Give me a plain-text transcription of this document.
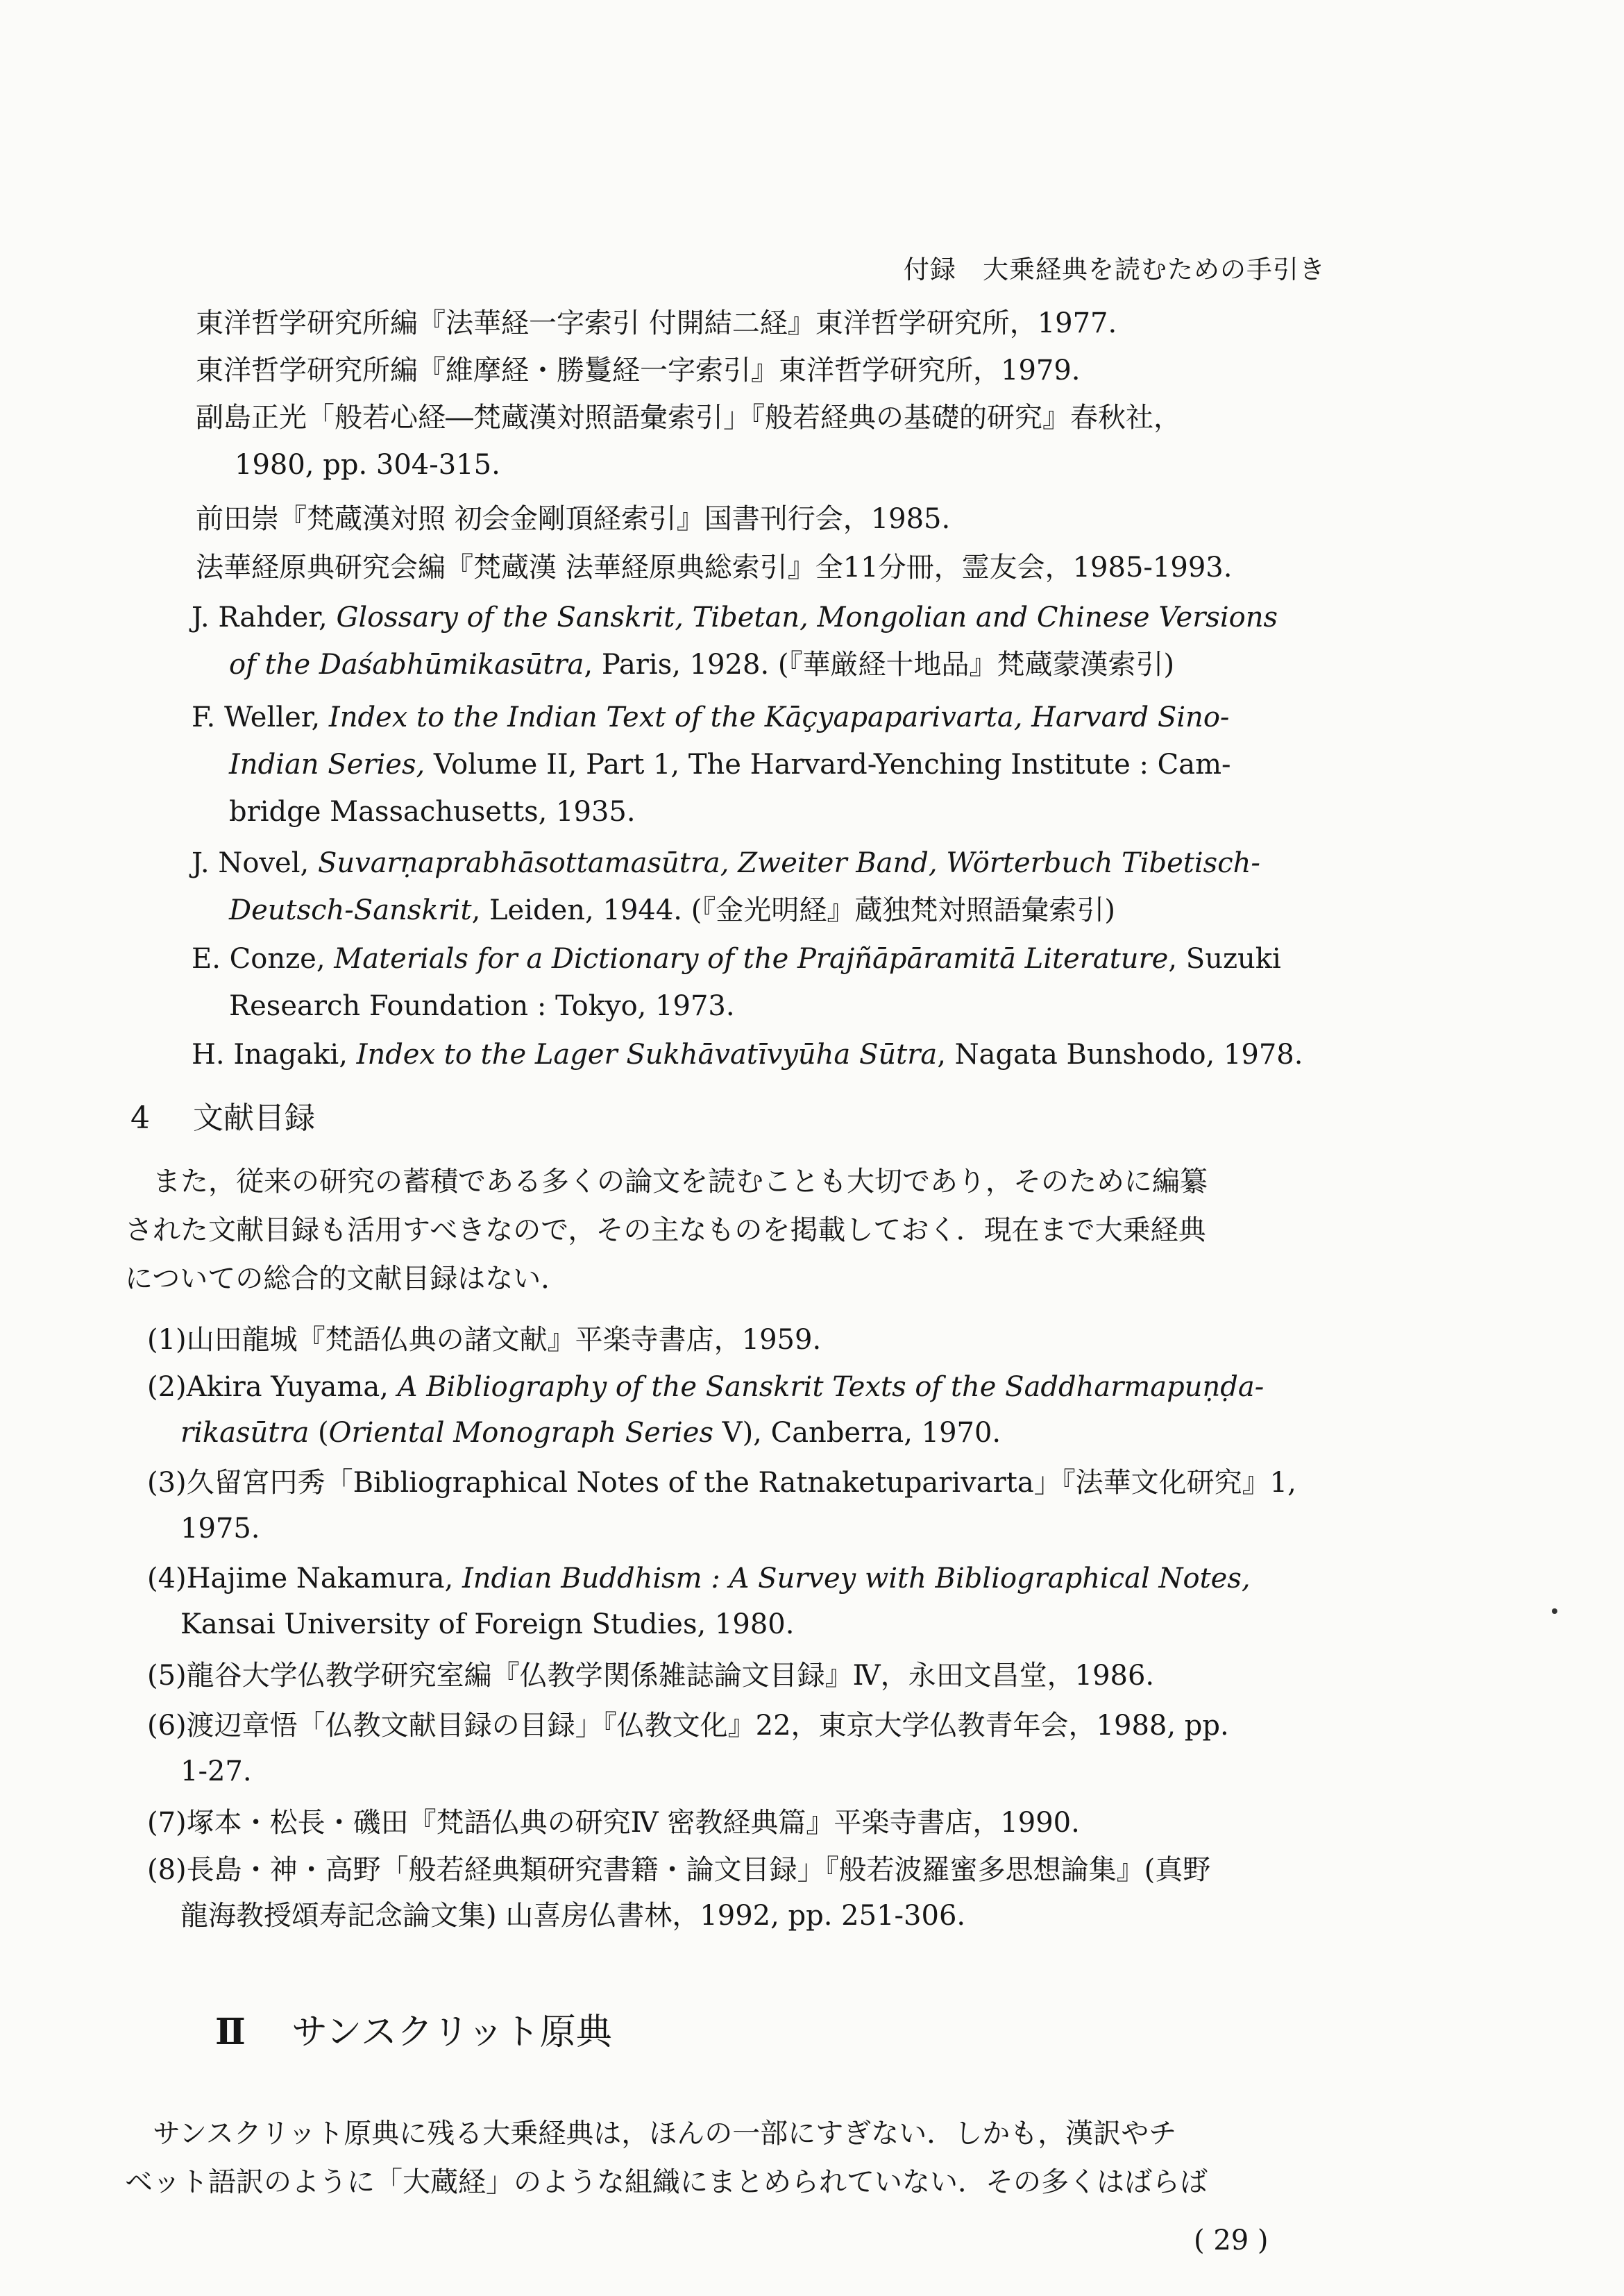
付録　大乗経典を読むための手引き
東洋哲学研究所編『法華経一字索引 付開結二経』東洋哲学研究所，1977.
東洋哲学研究所編『維摩経・勝鬘経一字索引』東洋哲学研究所，1979.
副島正光「般若心経―梵蔵漢対照語彙索引」『般若経典の基礎的研究』春秋社，
1980, pp. 304-315.
前田崇『梵蔵漢対照 初会金剛頂経索引』国書刊行会，1985.
法華経原典研究会編『梵蔵漢 法華経原典総索引』全11分冊，霊友会，1985-1993.
J. Rahder, Glossary of the Sanskrit, Tibetan, Mongolian and Chinese Versions
of the Daśabhūmikasūtra, Paris, 1928. (『華厳経十地品』梵蔵蒙漢索引)
F. Weller, Index to the Indian Text of the Kāçyapaparivarta, Harvard Sino-
Indian Series, Volume II, Part 1, The Harvard-Yenching Institute : Cam-
bridge Massachusetts, 1935.
J. Novel, Suvarṇaprabhāsottamasūtra, Zweiter Band, Wörterbuch Tibetisch-
Deutsch-Sanskrit, Leiden, 1944. (『金光明経』蔵独梵対照語彙索引)
E. Conze, Materials for a Dictionary of the Prajñāpāramitā Literature, Suzuki
Research Foundation : Tokyo, 1973.
H. Inagaki, Index to the Lager Sukhāvatīvyūha Sūtra, Nagata Bunshodo, 1978.
4 文献目録
また，従来の研究の蓄積である多くの論文を読むことも大切であり，そのために編纂
された文献目録も活用すべきなので，その主なものを掲載しておく．現在まで大乗経典
についての総合的文献目録はない．
(1)山田龍城『梵語仏典の諸文献』平楽寺書店，1959.
(2)Akira Yuyama, A Bibliography of the Sanskrit Texts of the Saddharmapuṇḍa-
rikasūtra (Oriental Monograph Series V), Canberra, 1970.
(3)久留宮円秀「Bibliographical Notes of the Ratnaketuparivarta」『法華文化研究』1,
1975.
(4)Hajime Nakamura, Indian Buddhism : A Survey with Bibliographical Notes,
Kansai University of Foreign Studies, 1980.
(5)龍谷大学仏教学研究室編『仏教学関係雑誌論文目録』Ⅳ，永田文昌堂，1986.
(6)渡辺章悟「仏教文献目録の目録」『仏教文化』22，東京大学仏教青年会，1988, pp.
1-27.
(7)塚本・松長・磯田『梵語仏典の研究Ⅳ 密教経典篇』平楽寺書店，1990.
(8)長島・神・高野「般若経典類研究書籍・論文目録」『般若波羅蜜多思想論集』(真野
龍海教授頌寿記念論文集) 山喜房仏書林，1992, pp. 251-306.
Ⅱ サンスクリット原典
サンスクリット原典に残る大乗経典は，ほんの一部にすぎない．しかも，漢訳やチ
ベット語訳のように「大蔵経」のような組織にまとめられていない．その多くはばらば
( 29 )
